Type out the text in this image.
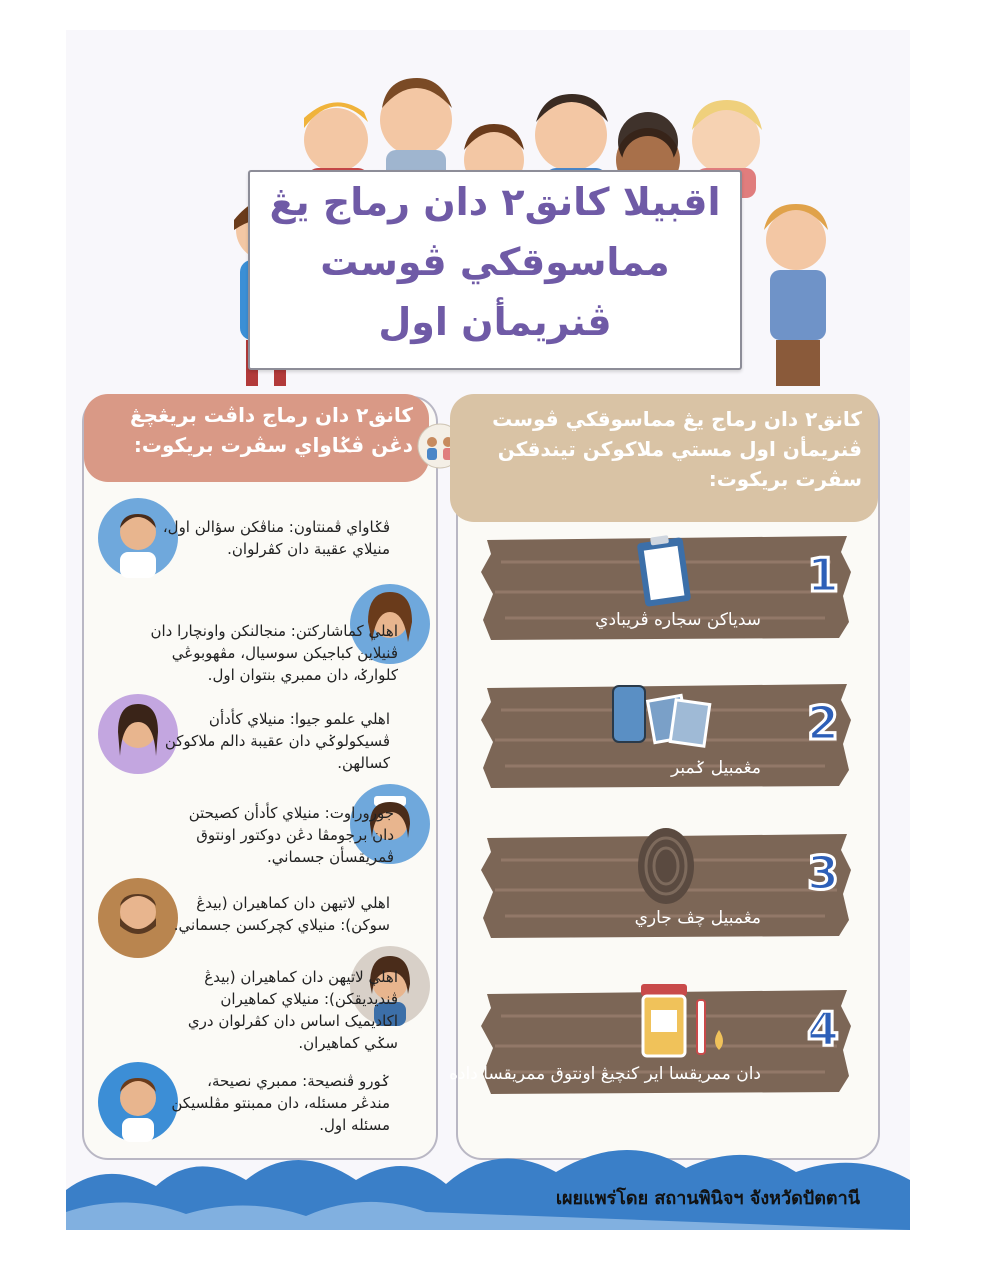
اقبيلا کانق٢ دان رماج يڠ

مماسوقكي ڤوست

ڤنريمأن اول

کانق٢ دان رماج داڤت بريڠچڠ
دڠن ڤݢاواي سڤرت بريکوت:
کانق٢ دان رماج يڠ مماسوقكي ڤوست
ڤنريمأن اول مستي ملاکوکن تيندقکن
سڤرت بريکوت:
سدياکن سجاره ڤريبادي
1
مڠمبيل ݢمبر
2
مڠمبيل چڤ جاري
3
دان ممريقسا اير کنچيڠ اونتوق ممريقسا داده
4
ڤݢاواي ڤمنتاون: مناڤکن سؤالن اول،
منيلاي عقيبة دان کڤرلوان.
اهلي کماشاركتن: منجالنكن واونچارا دان
ڤنيلاين کباجيکن سوسيال، مڤهوبوڠي
کلوارݢ، دان ممبري بنتوان اول.
اهلي علمو جيوا: منيلاي کأدأن
ڤسيکولوݢي دان عقيبة دالم ملاکوکن
کسالهن.
جوروراوت: منيلاي کأدأن کصيحتن
دان برجومڤا دڠن دوکتور اونتوق
ڤمريقسأن جسماني.
اهلي لاتيهن دان کماهيران (بيدڠ
سوکن): منيلاي کچرکسن جسماني.
اهلي لاتيهن دان کماهيران (بيدڠ
ڤنديديقکن): منيلاي کماهيران
اکاديميک اساس دان کڤرلوان دري
سݢي کماهيران.
ݢورو ڤنصيحة: ممبري نصيحة،
مندڠر مسئله، دان ممبنتو مڤلسيکن
مسئله اول.
เผยแพร่โดย สถานพินิจฯ จังหวัดปัตตานี
